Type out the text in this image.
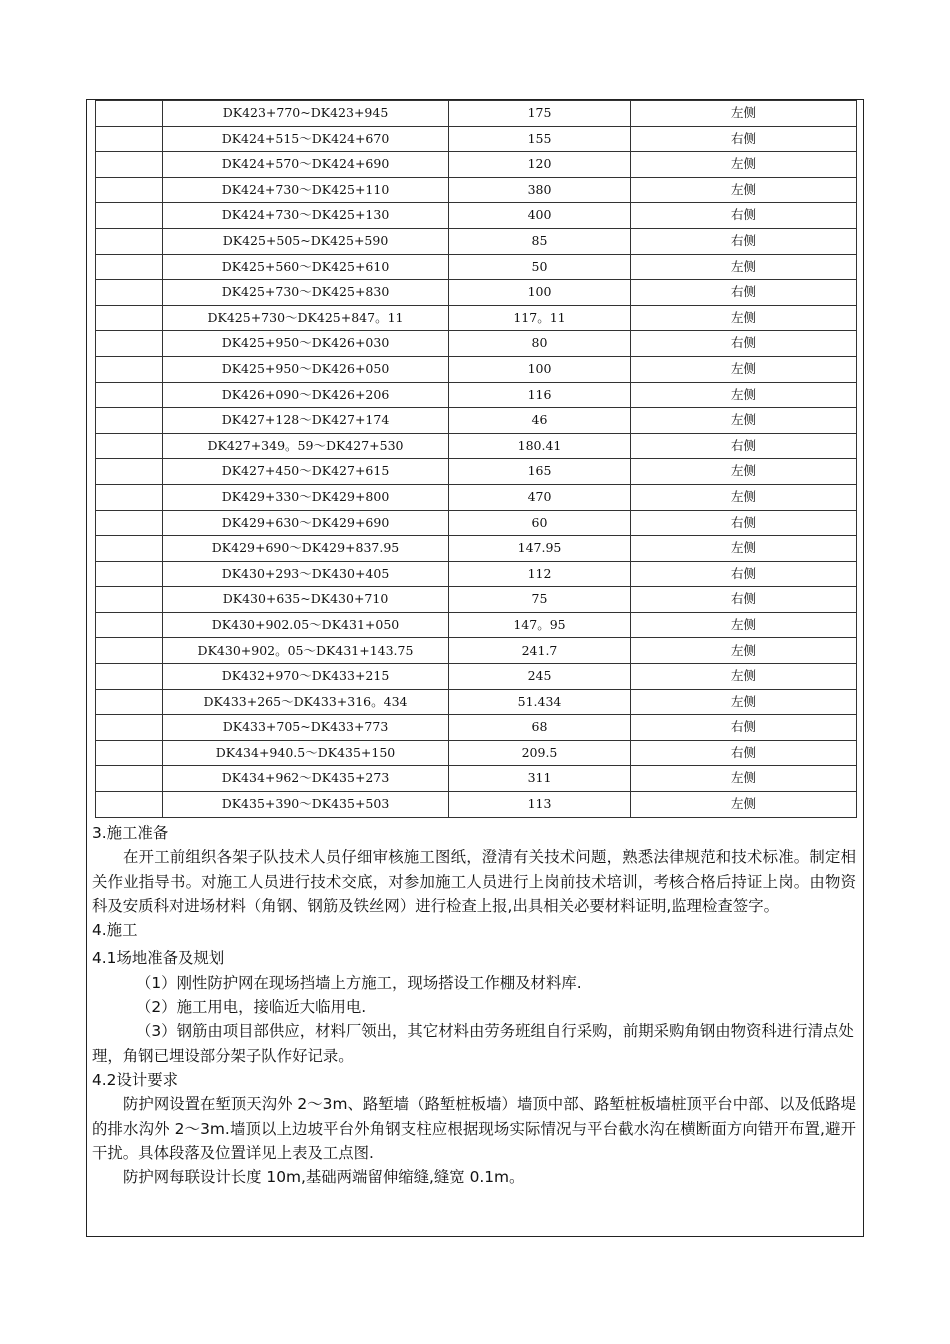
	DK423+770~DK423+945	175	左侧
	DK424+515～DK424+670	155	右侧
	DK424+570～DK424+690	120	左侧
	DK424+730～DK425+110	380	左侧
	DK424+730～DK425+130	400	右侧
	DK425+505~DK425+590	85	右侧
	DK425+560～DK425+610	50	左侧
	DK425+730～DK425+830	100	右侧
	DK425+730～DK425+847。11	117。11	左侧
	DK425+950～DK426+030	80	右侧
	DK425+950～DK426+050	100	左侧
	DK426+090～DK426+206	116	左侧
	DK427+128～DK427+174	46	左侧
	DK427+349。59～DK427+530	180.41	右侧
	DK427+450～DK427+615	165	左侧
	DK429+330～DK429+800	470	左侧
	DK429+630～DK429+690	60	右侧
	DK429+690～DK429+837.95	147.95	左侧
	DK430+293～DK430+405	112	右侧
	DK430+635~DK430+710	75	右侧
	DK430+902.05～DK431+050	147。95	左侧
	DK430+902。05～DK431+143.75	241.7	左侧
	DK432+970～DK433+215	245	左侧
	DK433+265～DK433+316。434	51.434	左侧
	DK433+705~DK433+773	68	右侧
	DK434+940.5～DK435+150	209.5	右侧
	DK434+962～DK435+273	311	左侧
	DK435+390～DK435+503	113	左侧

3.施工准备

在开工前组织各架子队技术人员仔细审核施工图纸，澄清有关技术问题，熟悉法律规范和技术标准。制定相关作业指导书。对施工人员进行技术交底，对参加施工人员进行上岗前技术培训，考核合格后持证上岗。由物资科及安质科对进场材料（角钢、钢筋及铁丝网）进行检查上报,出具相关必要材料证明,监理检查签字。

4.施工

4.1场地准备及规划

（1）刚性防护网在现场挡墙上方施工，现场搭设工作棚及材料库.

（2）施工用电，接临近大临用电.

（3）钢筋由项目部供应，材料厂领出，其它材料由劳务班组自行采购，前期采购角钢由物资科进行清点处理，角钢已埋设部分架子队作好记录。

4.2设计要求

防护网设置在堑顶天沟外 2～3m、路堑墙（路堑桩板墙）墙顶中部、路堑桩板墙桩顶平台中部、以及低路堤的排水沟外 2～3m.墙顶以上边坡平台外角钢支柱应根据现场实际情况与平台截水沟在横断面方向错开布置,避开干扰。具体段落及位置详见上表及工点图.

防护网每联设计长度 10m,基础两端留伸缩缝,缝宽 0.1m。
